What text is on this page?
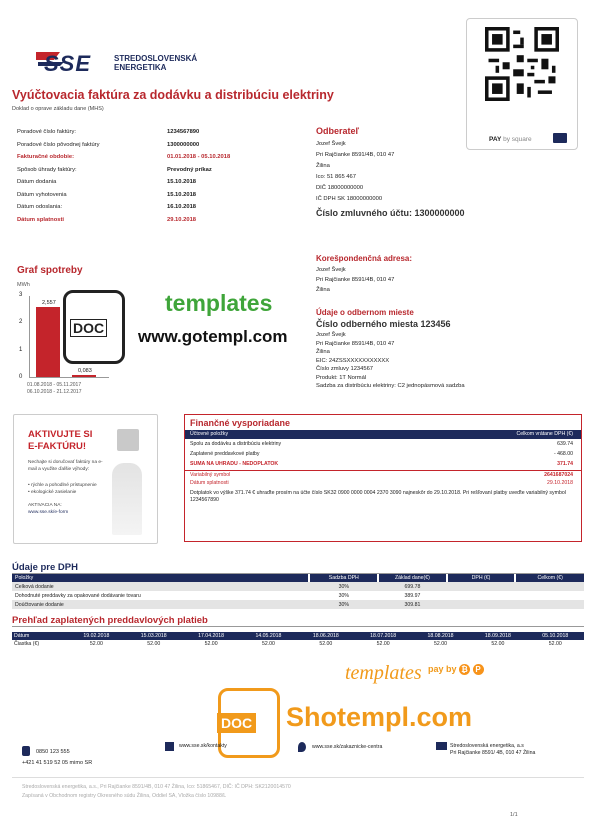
SSE	STREDOSLOVENSKÁ
ENERGETIKA
Vyúčtovacia faktúra za dodávku a distribúciu elektriny
Doklad o oprave základu dane (MHS)
PAY by square
Poradové číslo faktúry:	1234567890
Poradové číslo pôvodnej faktúry	1300000000
Fakturačné obdobie:	01.01.2018 - 05.10.2018
Spôsob úhrady faktúry:	Prevodný príkaz
Dátum dodania	15.10.2018
Dátum vyhotovenia	15.10.2018
Dátum odoslania:	16.10.2018
Dátum splatnosti	29.10.2018
Odberateľ
Jozef Švejk
Pri Rajčianke 8591/4B, 010 47
Žilina
Ico: 51 865 467
DIČ 18000000000
IČ DPH SK 18000000000
Číslo zmluvného účtu: 1300000000
Korešpondenčná adresa:
Jozef Švejk
Pri Rajčianke 8591/4B, 010 47
Žilina
Údaje o odbernom mieste
Číslo odberného miesta 123456
Jozef Švejk
Pri Rajčianke 8591/4B, 010 47
Žilina
EIC: 24ZSSXXXXXXXXXXX
Číslo zmluvy 1234567
Produkt: 1T Normál
Sadzba za distribúciu elektriny: C2 jednopásmová sadzba
Graf spotreby
MWh
3
2
1
0
2,557
0,083
01.08.2018 - 05.11.2017
06.10.2018 - 21.12.2017
DOC
templates
www.gotempl.com
AKTIVUJTE SI
E-FAKTÚRU!
Nechajte si doručovať faktúry na e-mail a využite ďalšie výhody:
• rýchle a pohodlné prístupnenie
• ekologické zasielanie
AKTIVACIA NA:
www.sse.sk/e-form
Finančné vysporiadane
Účtovné položky	Celkom vrátane DPH (€)
Spolu za dodávku a distribúciu elektriny	639.74
Zaplatené preddavkové platby	- 468.00
SUMA NA UHRADU - NEDOPLATOK	371.74
Variabilný symbol	2641687024
Dátum splatnosti	29.10.2018
Dotplatok vo výške 371.74 € uhraďte prosím na účte číslo SK32 0900 0000 0004 2370 3090 najneskôr do 29.10.2018. Pri rešľovaní platby uveďte variabilný symbol 1234567890
Údaje pre DPH
Položky	Sadzba DPH	Základ dane(€)	DPH (€)	Celkom (€)
Celková dodanie	30%	699.78		
Dohodnuté preddavky za opakované dodávanie tovaru	30%	389.97		
Doúčtovanie dodanie	30%	309.81		
Prehľad zaplatených preddavlových platieb
Dátum	19.02.2018	15.03.2018	17.04.2018	14.05.2018	18.06.2018	18.07.2018	18.08.2018	18.09.2018	05.10.2018
Čiastka (€)	52.00	52.00	52.00	52.00	52.00	52.00	52.00	52.00	52.00
templates pay by ₿ P
DOC Shotempl.com
0850 123 555
+421 41 519 52 05 mimo SR
www.sse.sk/kontakty	www.sse.sk/zakaznicke-centra	Stredoslovenská energetika, a.s
Pri Rajčianke 8591/ 4B, 010 47 Žilina
Stredoslovenská energetika, a.s., Pri Rajčianke 8591/4B, 010 47 Žilina, Ico: 51865467, DIČ: IČ DPH: SK2120014570
Zapísaná v Obchodnom registry Okresného súdu Žilina, Oddiel SA, Vložka číslo 10988/L
1/1
